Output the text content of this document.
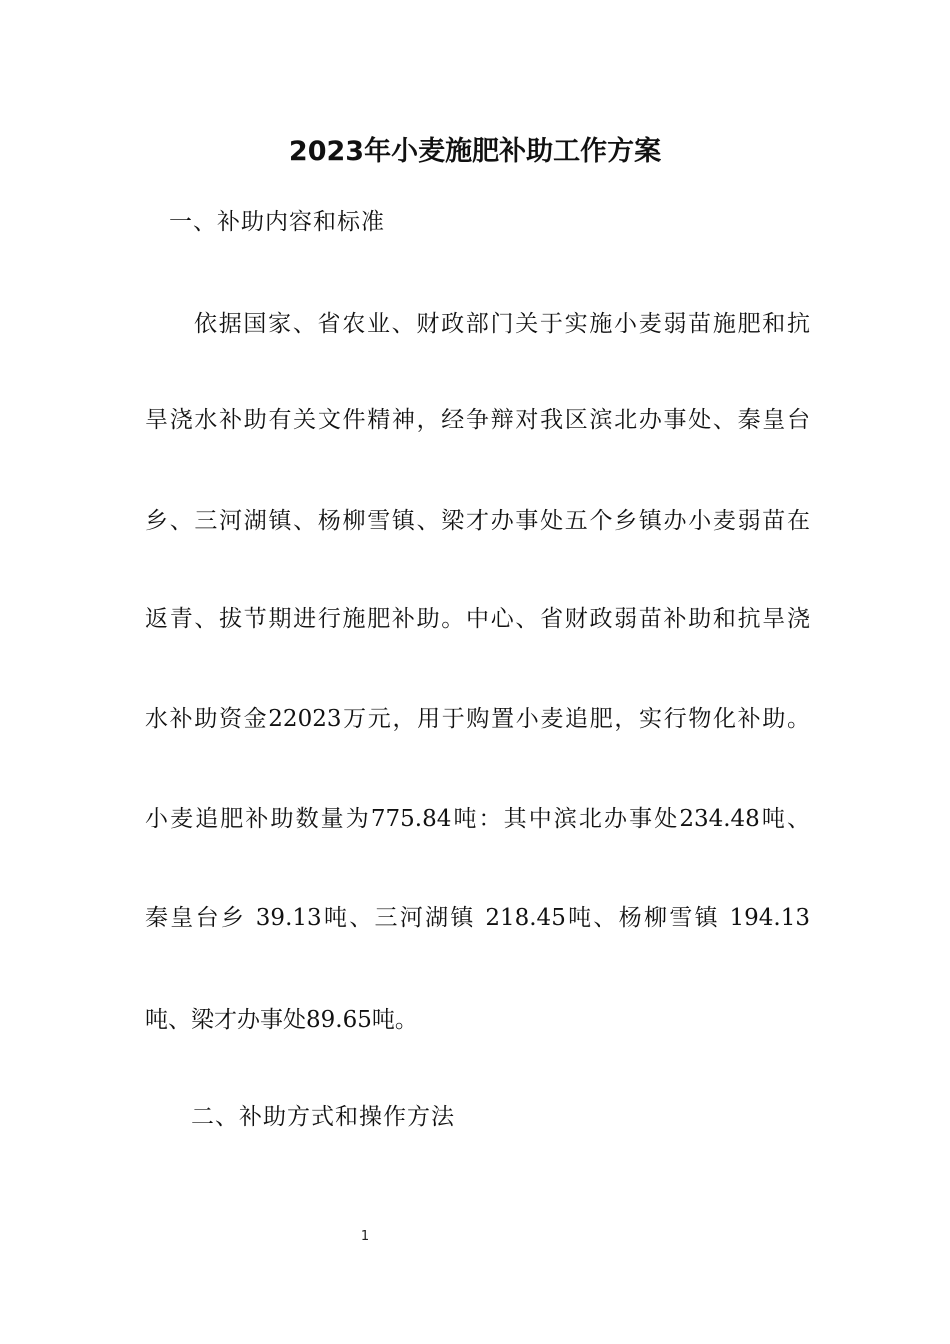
2023年小麦施肥补助工作方案
一、补助内容和标准
依据国家、省农业、财政部门关于实施小麦弱苗施肥和抗
旱浇水补助有关文件精神，经争辩对我区滨北办事处、秦皇台
乡、三河湖镇、杨柳雪镇、梁才办事处五个乡镇办小麦弱苗在
返青、拔节期进行施肥补助。中心、省财政弱苗补助和抗旱浇
水补助资金22023万元，用于购置小麦追肥，实行物化补助。
小麦追肥补助数量为775.84吨：其中滨北办事处234.48吨、
秦皇台乡 39.13吨、三河湖镇 218.45吨、杨柳雪镇 194.13
吨、梁才办事处89.65吨。
二、补助方式和操作方法
1
